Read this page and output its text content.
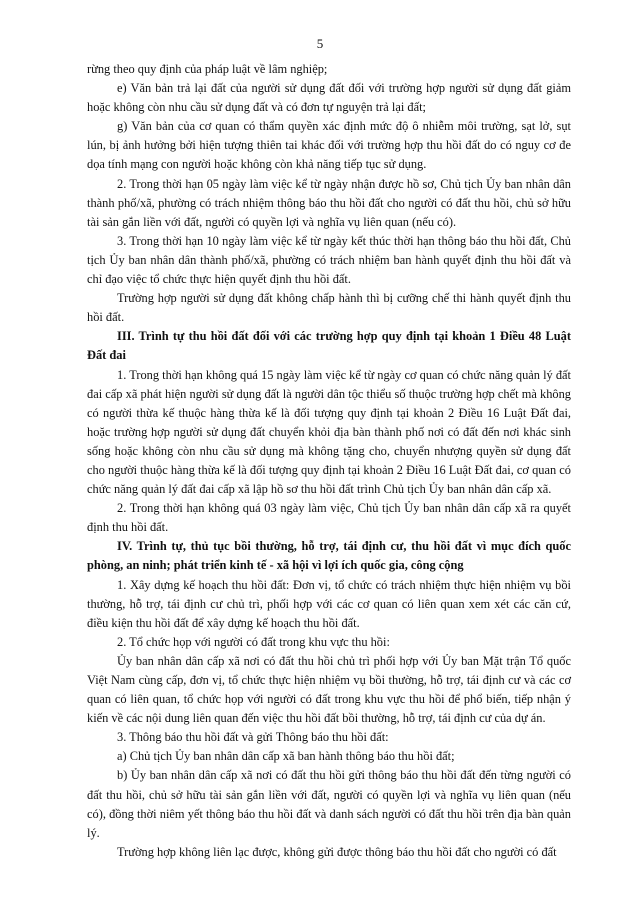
5

rừng theo quy định của pháp luật về lâm nghiệp;

e) Văn bản trả lại đất của người sử dụng đất đối với trường hợp người sử dụng đất giảm hoặc không còn nhu cầu sử dụng đất và có đơn tự nguyện trả lại đất;

g) Văn bản của cơ quan có thẩm quyền xác định mức độ ô nhiễm môi trường, sạt lở, sụt lún, bị ảnh hưởng bởi hiện tượng thiên tai khác đối với trường hợp thu hồi đất do có nguy cơ đe dọa tính mạng con người hoặc không còn khả năng tiếp tục sử dụng.

2. Trong thời hạn 05 ngày làm việc kể từ ngày nhận được hồ sơ, Chủ tịch Ủy ban nhân dân thành phố/xã, phường có trách nhiệm thông báo thu hồi đất cho người có đất thu hồi, chủ sở hữu tài sản gắn liền với đất, người có quyền lợi và nghĩa vụ liên quan (nếu có).

3. Trong thời hạn 10 ngày làm việc kể từ ngày kết thúc thời hạn thông báo thu hồi đất, Chủ tịch Ủy ban nhân dân thành phố/xã, phường có trách nhiệm ban hành quyết định thu hồi đất và chỉ đạo việc tổ chức thực hiện quyết định thu hồi đất.

Trường hợp người sử dụng đất không chấp hành thì bị cưỡng chế thi hành quyết định thu hồi đất.

III. Trình tự thu hồi đất đối với các trường hợp quy định tại khoản 1 Điều 48 Luật Đất đai

1. Trong thời hạn không quá 15 ngày làm việc kể từ ngày cơ quan có chức năng quản lý đất đai cấp xã phát hiện người sử dụng đất là người dân tộc thiểu số thuộc trường hợp chết mà không có người thừa kế thuộc hàng thừa kế là đối tượng quy định tại khoản 2 Điều 16 Luật Đất đai, hoặc trường hợp người sử dụng đất chuyển khỏi địa bàn thành phố nơi có đất đến nơi khác sinh sống hoặc không còn nhu cầu sử dụng mà không tặng cho, chuyển nhượng quyền sử dụng đất cho người thuộc hàng thừa kế là đối tượng quy định tại khoản 2 Điều 16 Luật Đất đai, cơ quan có chức năng quản lý đất đai cấp xã lập hồ sơ thu hồi đất trình Chủ tịch Ủy ban nhân dân cấp xã.

2. Trong thời hạn không quá 03 ngày làm việc, Chủ tịch Ủy ban nhân dân cấp xã ra quyết định thu hồi đất.

IV. Trình tự, thủ tục bồi thường, hỗ trợ, tái định cư, thu hồi đất vì mục đích quốc phòng, an ninh; phát triển kinh tế - xã hội vì lợi ích quốc gia, công cộng

1. Xây dựng kế hoạch thu hồi đất: Đơn vị, tổ chức có trách nhiệm thực hiện nhiệm vụ bồi thường, hỗ trợ, tái định cư chủ trì, phối hợp với các cơ quan có liên quan xem xét các căn cứ, điều kiện thu hồi đất để xây dựng kế hoạch thu hồi đất.

2. Tổ chức họp với người có đất trong khu vực thu hồi:

Ủy ban nhân dân cấp xã nơi có đất thu hồi chủ trì phối hợp với Ủy ban Mặt trận Tổ quốc Việt Nam cùng cấp, đơn vị, tổ chức thực hiện nhiệm vụ bồi thường, hỗ trợ, tái định cư và các cơ quan có liên quan, tổ chức họp với người có đất trong khu vực thu hồi để phổ biến, tiếp nhận ý kiến về các nội dung liên quan đến việc thu hồi đất bồi thường, hỗ trợ, tái định cư của dự án.

3. Thông báo thu hồi đất và gửi Thông báo thu hồi đất:

a) Chủ tịch Ủy ban nhân dân cấp xã ban hành thông báo thu hồi đất;

b) Ủy ban nhân dân cấp xã nơi có đất thu hồi gửi thông báo thu hồi đất đến từng người có đất thu hồi, chủ sở hữu tài sản gắn liền với đất, người có quyền lợi và nghĩa vụ liên quan (nếu có), đồng thời niêm yết thông báo thu hồi đất và danh sách người có đất thu hồi trên địa bàn quản lý.

Trường hợp không liên lạc được, không gửi được thông báo thu hồi đất cho người có đất
